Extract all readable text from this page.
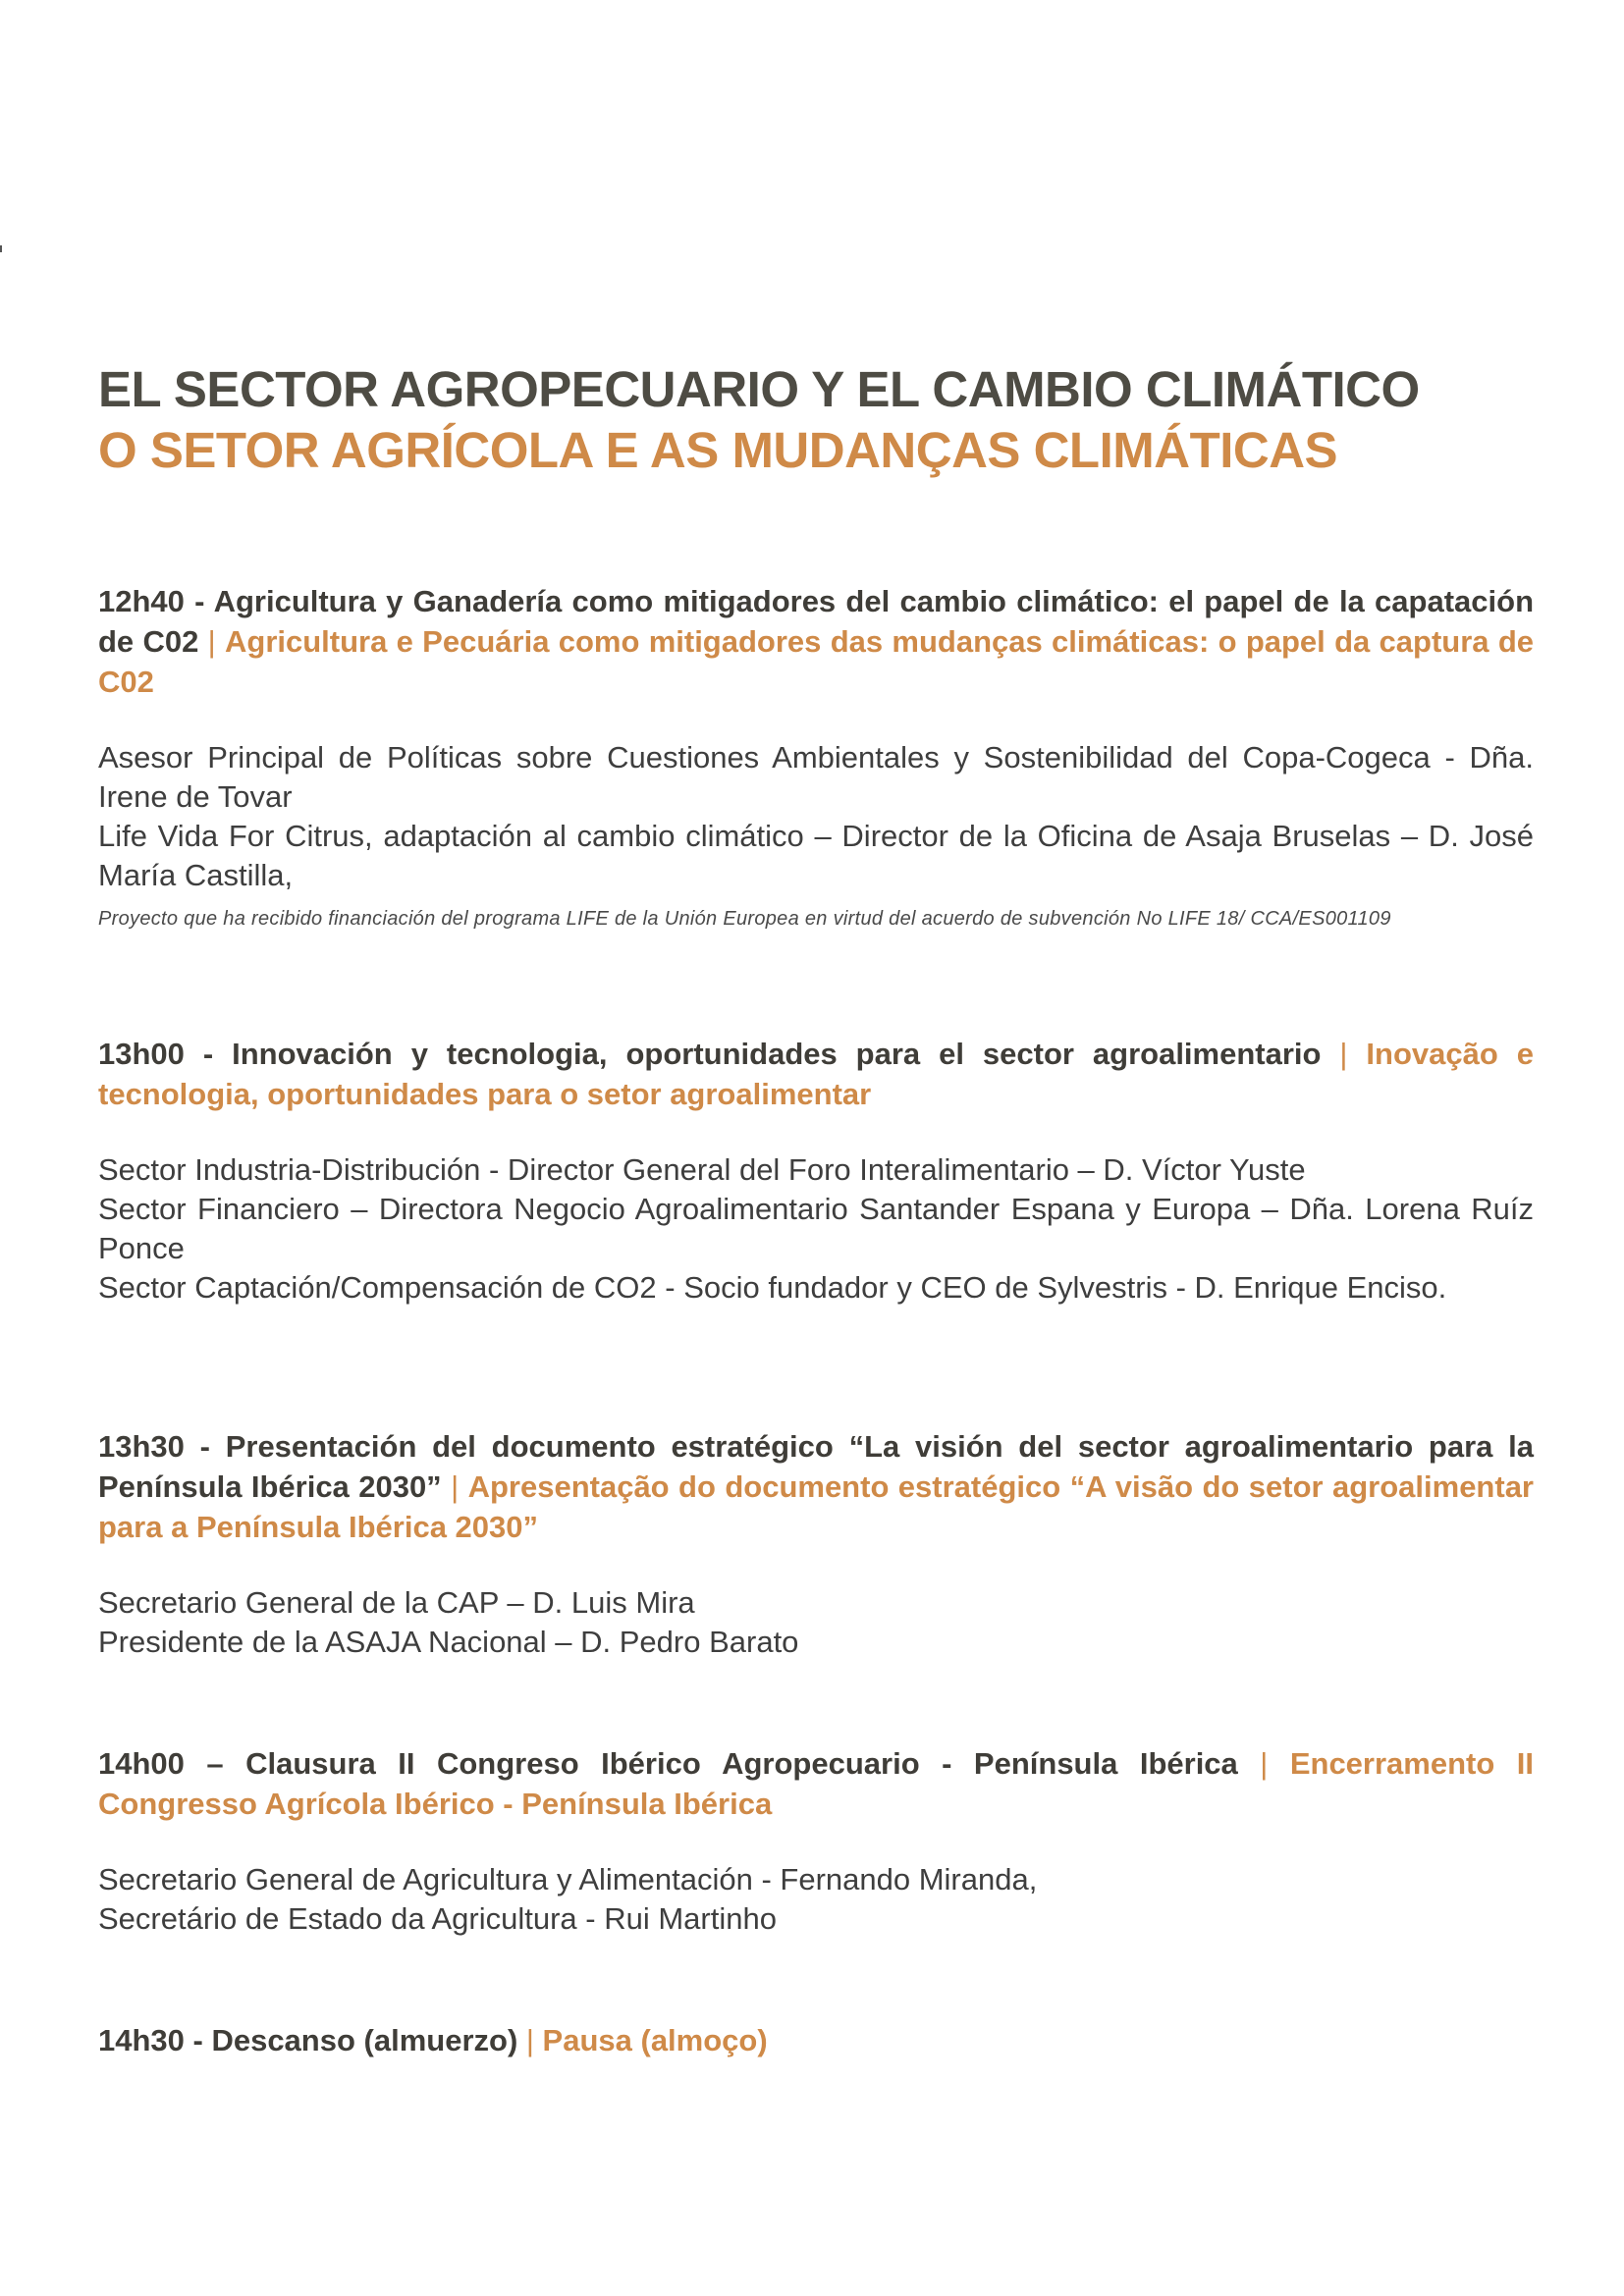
EL SECTOR AGROPECUARIO Y EL CAMBIO CLIMÁTICO
O SETOR AGRÍCOLA E AS MUDANÇAS CLIMÁTICAS

12h40 - Agricultura y Ganadería como mitigadores del cambio climático: el papel de la capatación de C02 | Agricultura e Pecuária como mitigadores das mudanças climáticas: o papel da captura de C02

Asesor Principal de Políticas sobre Cuestiones Ambientales y Sostenibilidad del Copa-Cogeca - Dña. Irene de Tovar
Life Vida For Citrus, adaptación al cambio climático – Director de la Oficina de Asaja Bruselas – D. José María Castilla,

Proyecto que ha recibido financiación del programa LIFE de la Unión Europea en virtud del acuerdo de subvención No LIFE 18/ CCA/ES001109

13h00 - Innovación y tecnologia, oportunidades para el sector agroalimentario | Inovação e tecnologia, oportunidades para o setor agroalimentar

Sector Industria-Distribución - Director General del Foro Interalimentario – D. Víctor Yuste
Sector Financiero – Directora Negocio Agroalimentario Santander Espana y Europa – Dña. Lorena Ruíz Ponce
Sector Captación/Compensación de CO2 - Socio fundador y CEO de Sylvestris - D. Enrique Enciso.

13h30 - Presentación del documento estratégico “La visión del sector agroalimentario para la Península Ibérica 2030” | Apresentação do documento estratégico “A visão do setor agroalimentar para a Península Ibérica 2030”

Secretario General de la CAP – D. Luis Mira
Presidente de la ASAJA Nacional – D. Pedro Barato

14h00 – Clausura II Congreso Ibérico Agropecuario - Península Ibérica | Encerramento II Congresso Agrícola Ibérico - Península Ibérica

Secretario General de Agricultura y Alimentación - Fernando Miranda,
Secretário de Estado da Agricultura - Rui Martinho

14h30 - Descanso (almuerzo) | Pausa (almoço)
